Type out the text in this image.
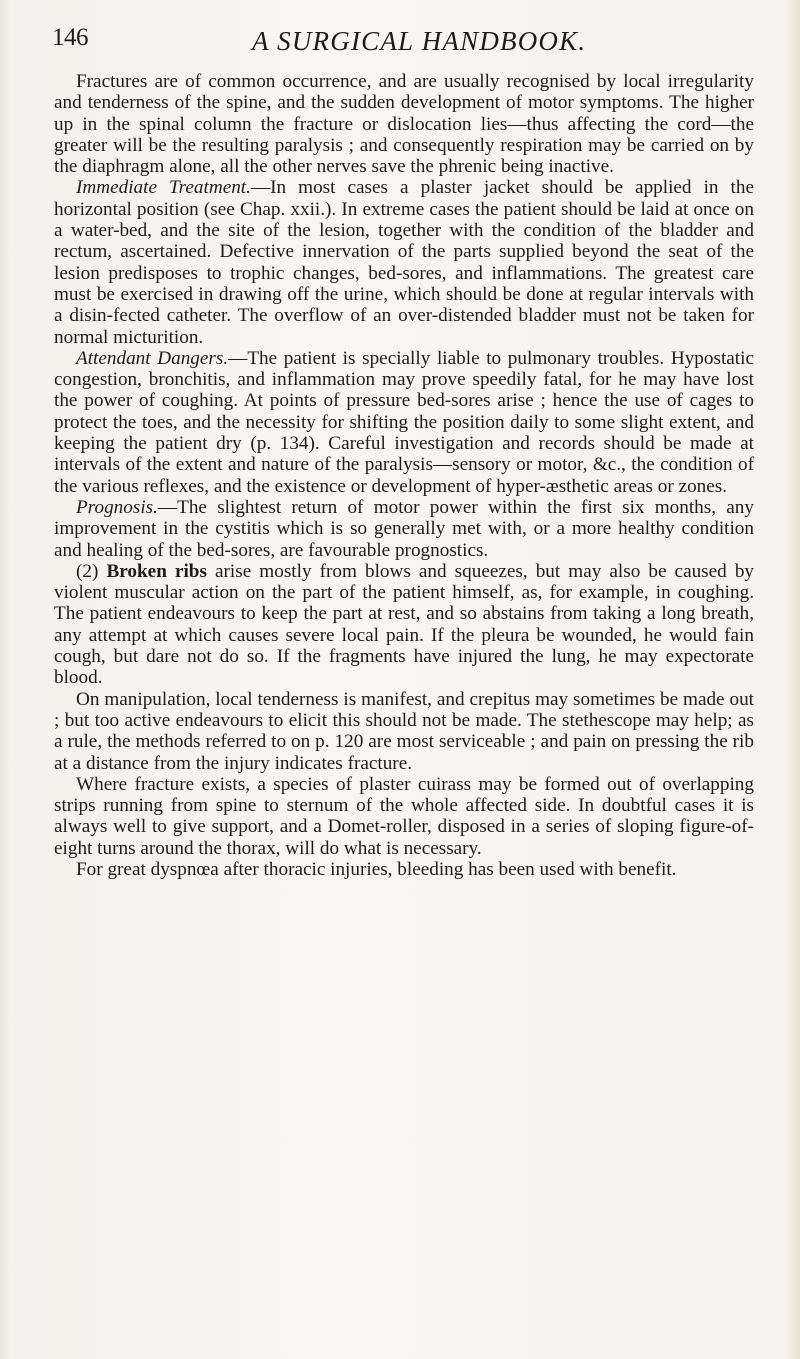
146	A SURGICAL HANDBOOK.

Fractures are of common occurrence, and are usually recognised by local irregularity and tenderness of the spine, and the sudden development of motor symptoms. The higher up in the spinal column the fracture or dislocation lies—thus affecting the cord—the greater will be the resulting paralysis ; and consequently respiration may be carried on by the diaphragm alone, all the other nerves save the phrenic being inactive.

Immediate Treatment.—In most cases a plaster jacket should be applied in the horizontal position (see Chap. xxii.). In extreme cases the patient should be laid at once on a water-bed, and the site of the lesion, together with the condition of the bladder and rectum, ascertained. Defective innervation of the parts supplied beyond the seat of the lesion predisposes to trophic changes, bed-sores, and inflammations. The greatest care must be exercised in drawing off the urine, which should be done at regular intervals with a disin-fected catheter. The overflow of an over-distended bladder must not be taken for normal micturition.

Attendant Dangers.—The patient is specially liable to pulmonary troubles. Hypostatic congestion, bronchitis, and inflammation may prove speedily fatal, for he may have lost the power of coughing. At points of pressure bed-sores arise ; hence the use of cages to protect the toes, and the necessity for shifting the position daily to some slight extent, and keeping the patient dry (p. 134). Careful investigation and records should be made at intervals of the extent and nature of the paralysis—sensory or motor, &c., the condition of the various reflexes, and the existence or development of hyper-æsthetic areas or zones.

Prognosis.—The slightest return of motor power within the first six months, any improvement in the cystitis which is so generally met with, or a more healthy condition and healing of the bed-sores, are favourable prognostics.

(2) Broken ribs arise mostly from blows and squeezes, but may also be caused by violent muscular action on the part of the patient himself, as, for example, in coughing. The patient endeavours to keep the part at rest, and so abstains from taking a long breath, any attempt at which causes severe local pain. If the pleura be wounded, he would fain cough, but dare not do so. If the fragments have injured the lung, he may expectorate blood.

On manipulation, local tenderness is manifest, and crepitus may sometimes be made out ; but too active endeavours to elicit this should not be made. The stethescope may help; as a rule, the methods referred to on p. 120 are most serviceable ; and pain on pressing the rib at a distance from the injury indicates fracture.

Where fracture exists, a species of plaster cuirass may be formed out of overlapping strips running from spine to sternum of the whole affected side. In doubtful cases it is always well to give support, and a Domet-roller, disposed in a series of sloping figure-of-eight turns around the thorax, will do what is necessary.

For great dyspnœa after thoracic injuries, bleeding has been used with benefit.
